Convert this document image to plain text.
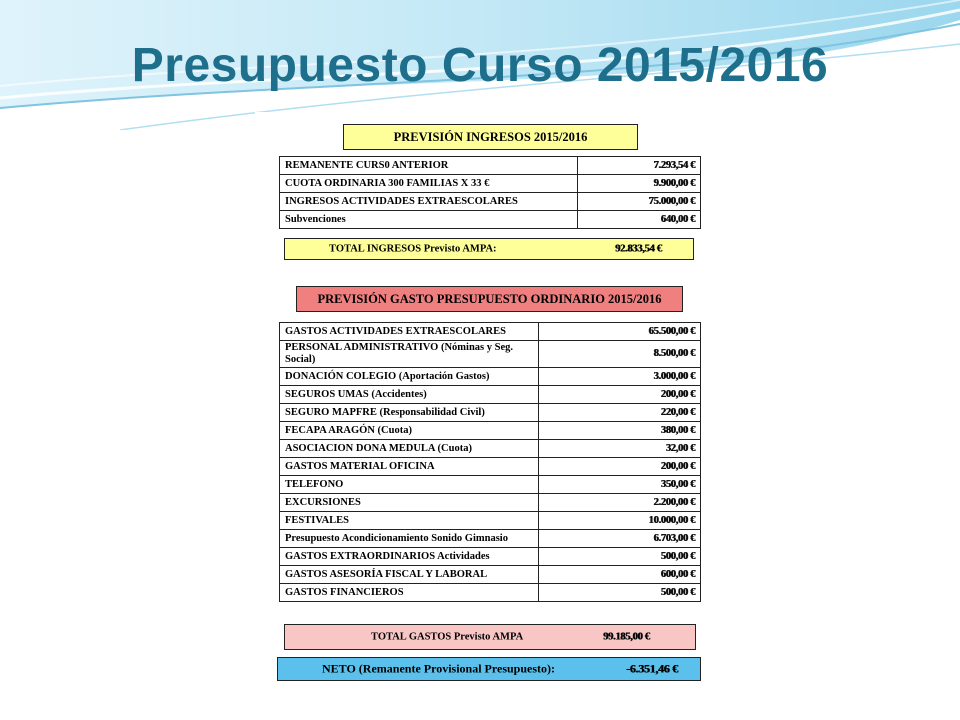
Presupuesto Curso 2015/2016
PREVISIÓN INGRESOS 2015/2016
REMANENTE CURS0 ANTERIOR	7.293,54 €
CUOTA ORDINARIA 300 FAMILIAS X 33 €	9.900,00 €
INGRESOS ACTIVIDADES EXTRAESCOLARES	75.000,00 €
Subvenciones	640,00 €
TOTAL INGRESOS Previsto AMPA:	92.833,54 €
PREVISIÓN GASTO PRESUPUESTO ORDINARIO 2015/2016
GASTOS ACTIVIDADES EXTRAESCOLARES	65.500,00 €
PERSONAL ADMINISTRATIVO (Nóminas y Seg. Social)	8.500,00 €
DONACIÓN COLEGIO (Aportación Gastos)	3.000,00 €
SEGUROS UMAS (Accidentes)	200,00 €
SEGURO MAPFRE (Responsabilidad Civil)	220,00 €
FECAPA ARAGÓN (Cuota)	380,00 €
ASOCIACION DONA MEDULA (Cuota)	32,00 €
GASTOS MATERIAL OFICINA	200,00 €
TELEFONO	350,00 €
EXCURSIONES	2.200,00 €
FESTIVALES	10.000,00 €
Presupuesto Acondicionamiento Sonido Gimnasio	6.703,00 €
GASTOS EXTRAORDINARIOS Actividades	500,00 €
GASTOS ASESORÍA FISCAL Y LABORAL	600,00 €
GASTOS FINANCIEROS	500,00 €
TOTAL GASTOS Previsto AMPA	99.185,00 €
NETO (Remanente Provisional Presupuesto):	-6.351,46 €
